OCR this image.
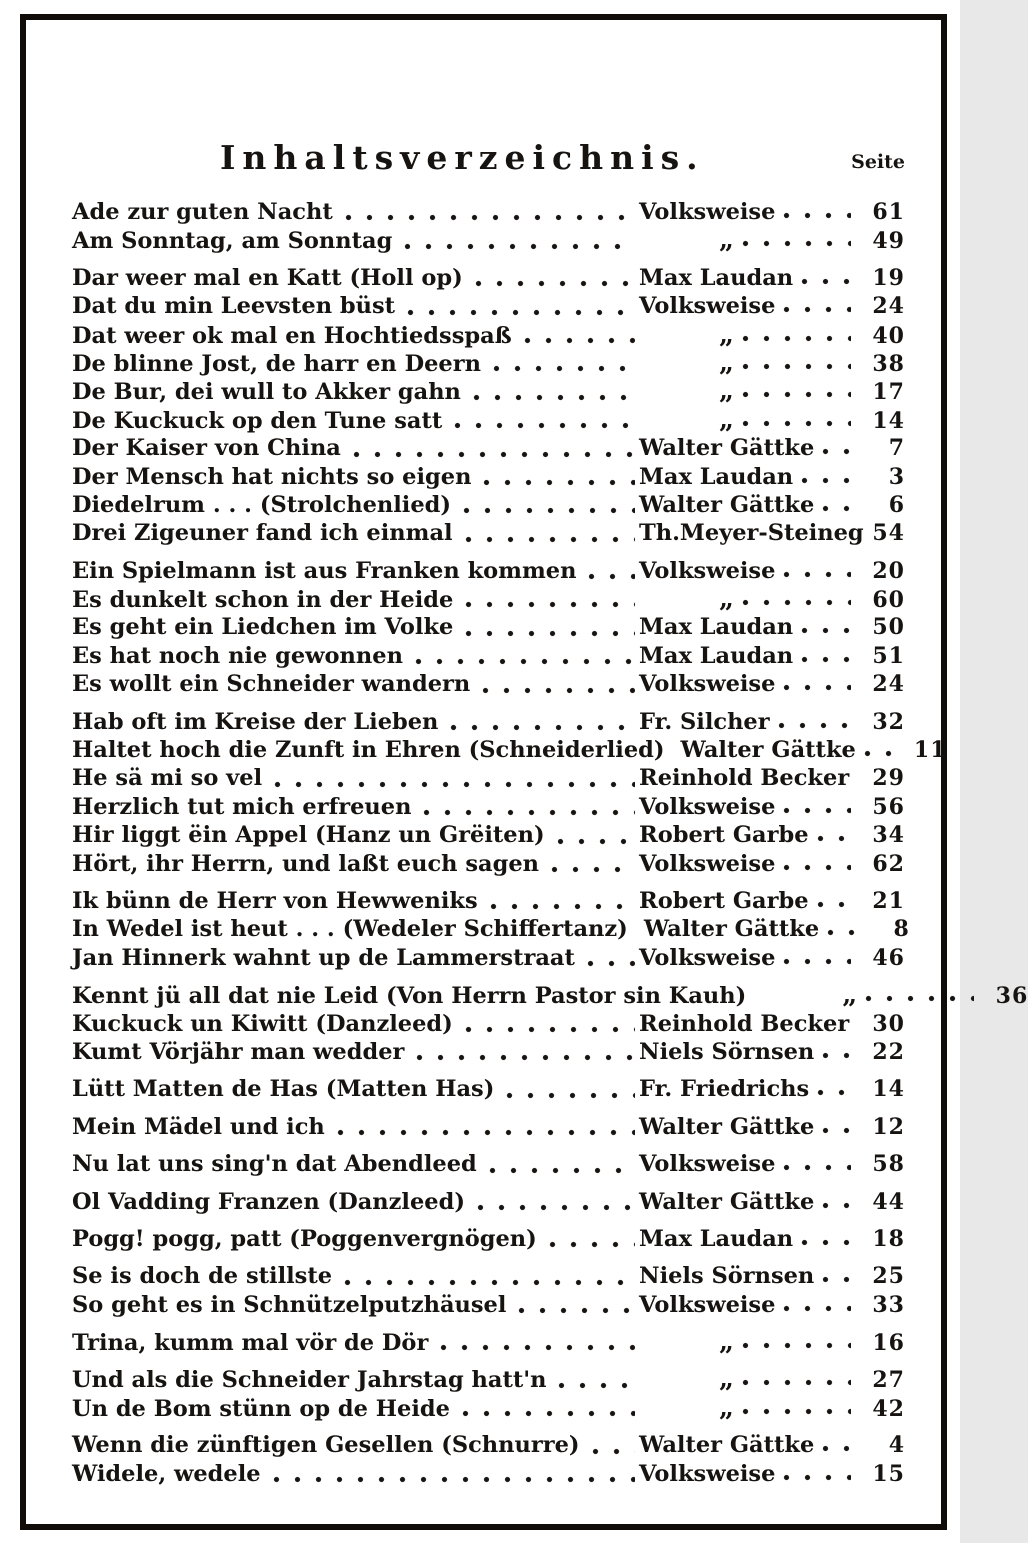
Inhaltsverzeichnis.	Seite
Ade zur guten Nacht	Volksweise	61
Am Sonntag, am Sonntag	„	49
Dar weer mal en Katt (Holl op)	Max Laudan	19
Dat du min Leevsten büst	Volksweise	24
Dat weer ok mal en Hochtiedsspaß	„	40
De blinne Jost, de harr en Deern	„	38
De Bur, dei wull to Akker gahn	„	17
De Kuckuck op den Tune satt	„	14
Der Kaiser von China	Walter Gättke	7
Der Mensch hat nichts so eigen	Max Laudan	3
Diedelrum . . . (Strolchenlied)	Walter Gättke	6
Drei Zigeuner fand ich einmal	Th.Meyer-Steineg 54
Ein Spielmann ist aus Franken kommen	Volksweise	20
Es dunkelt schon in der Heide	„	60
Es geht ein Liedchen im Volke	Max Laudan	50
Es hat noch nie gewonnen	Max Laudan	51
Es wollt ein Schneider wandern	Volksweise	24
Hab oft im Kreise der Lieben	Fr. Silcher	32
Haltet hoch die Zunft in Ehren (Schneiderlied) Walter Gättke	11
He sä mi so vel	Reinhold Becker	29
Herzlich tut mich erfreuen	Volksweise	56
Hir liggt ëin Appel (Hanz un Grëiten)	Robert Garbe	34
Hört, ihr Herrn, und laßt euch sagen	Volksweise	62
Ik bünn de Herr von Hewweniks	Robert Garbe	21
In Wedel ist heut . . . (Wedeler Schiffertanz) Walter Gättke	8
Jan Hinnerk wahnt up de Lammerstraat	Volksweise	46
Kennt jü all dat nie Leid (Von Herrn Pastor sin Kauh)	„	36
Kuckuck un Kiwitt (Danzleed)	Reinhold Becker	30
Kumt Vörjähr man wedder	Niels Sörnsen	22
Lütt Matten de Has (Matten Has)	Fr. Friedrichs	14
Mein Mädel und ich	Walter Gättke	12
Nu lat uns sing'n dat Abendleed	Volksweise	58
Ol Vadding Franzen (Danzleed)	Walter Gättke	44
Pogg! pogg, patt (Poggenvergnögen)	Max Laudan	18
Se is doch de stillste	Niels Sörnsen	25
So geht es in Schnützelputzhäusel	Volksweise	33
Trina, kumm mal vör de Dör	„	16
Und als die Schneider Jahrstag hatt'n	„	27
Un de Bom stünn op de Heide	„	42
Wenn die zünftigen Gesellen (Schnurre)	Walter Gättke	4
Widele, wedele	Volksweise	15
